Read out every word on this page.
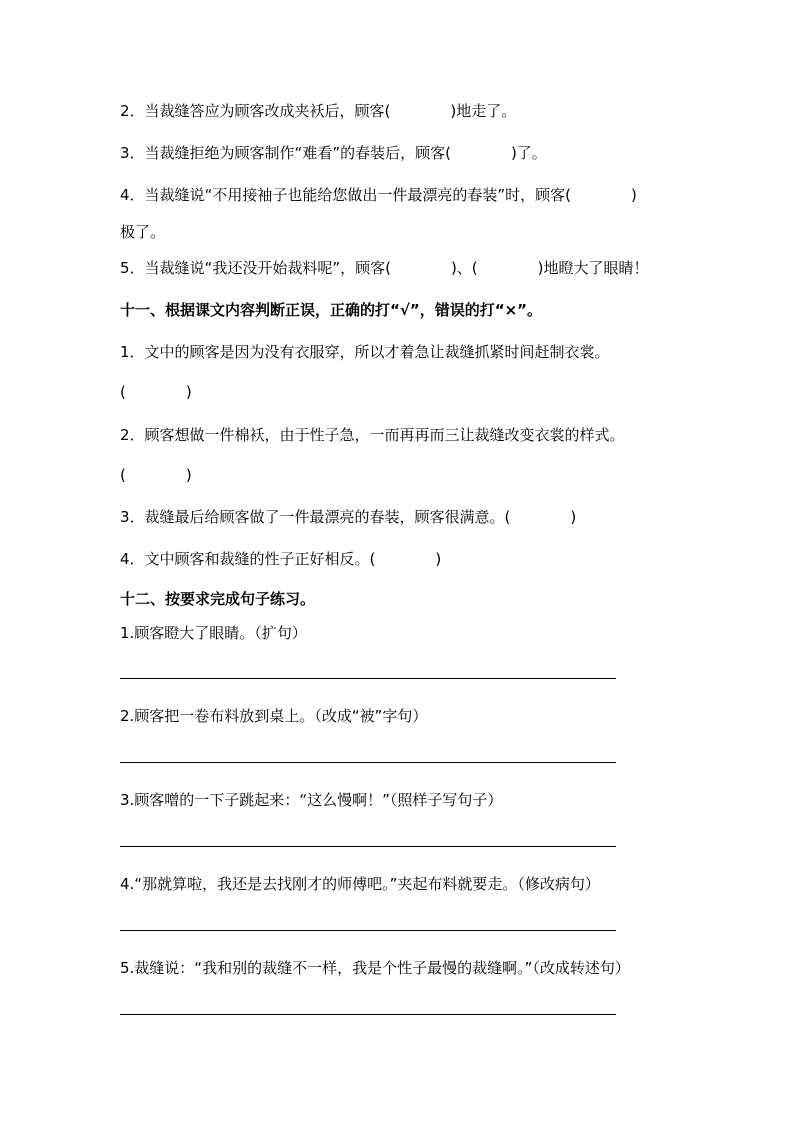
2．当裁缝答应为顾客改成夹袄后，顾客(　　　　)地走了。
3．当裁缝拒绝为顾客制作“难看”的春装后，顾客(　　　　)了。
4．当裁缝说“不用接袖子也能给您做出一件最漂亮的春装”时，顾客(　　　　)
极了。
5．当裁缝说“我还没开始裁料呢”，顾客(　　　　)、(　　　　)地瞪大了眼睛！
十一、根据课文内容判断正误，正确的打“√”，错误的打“×”。
1．文中的顾客是因为没有衣服穿，所以才着急让裁缝抓紧时间赶制衣裳。
(　　　　)
2．顾客想做一件棉袄，由于性子急，一而再再而三让裁缝改变衣裳的样式。
(　　　　)
3．裁缝最后给顾客做了一件最漂亮的春装，顾客很满意。(　　　　)
4．文中顾客和裁缝的性子正好相反。(　　　　)
十二、按要求完成句子练习。
1.顾客瞪大了眼睛。（扩句）
2.顾客把一卷布料放到桌上。（改成“被”字句）
3.顾客噌的一下子跳起来：“这么慢啊！”（照样子写句子）
4.“那就算啦，我还是去找刚才的师傅吧。”夹起布料就要走。（修改病句）
5.裁缝说：“我和别的裁缝不一样，我是个性子最慢的裁缝啊。”（改成转述句）
